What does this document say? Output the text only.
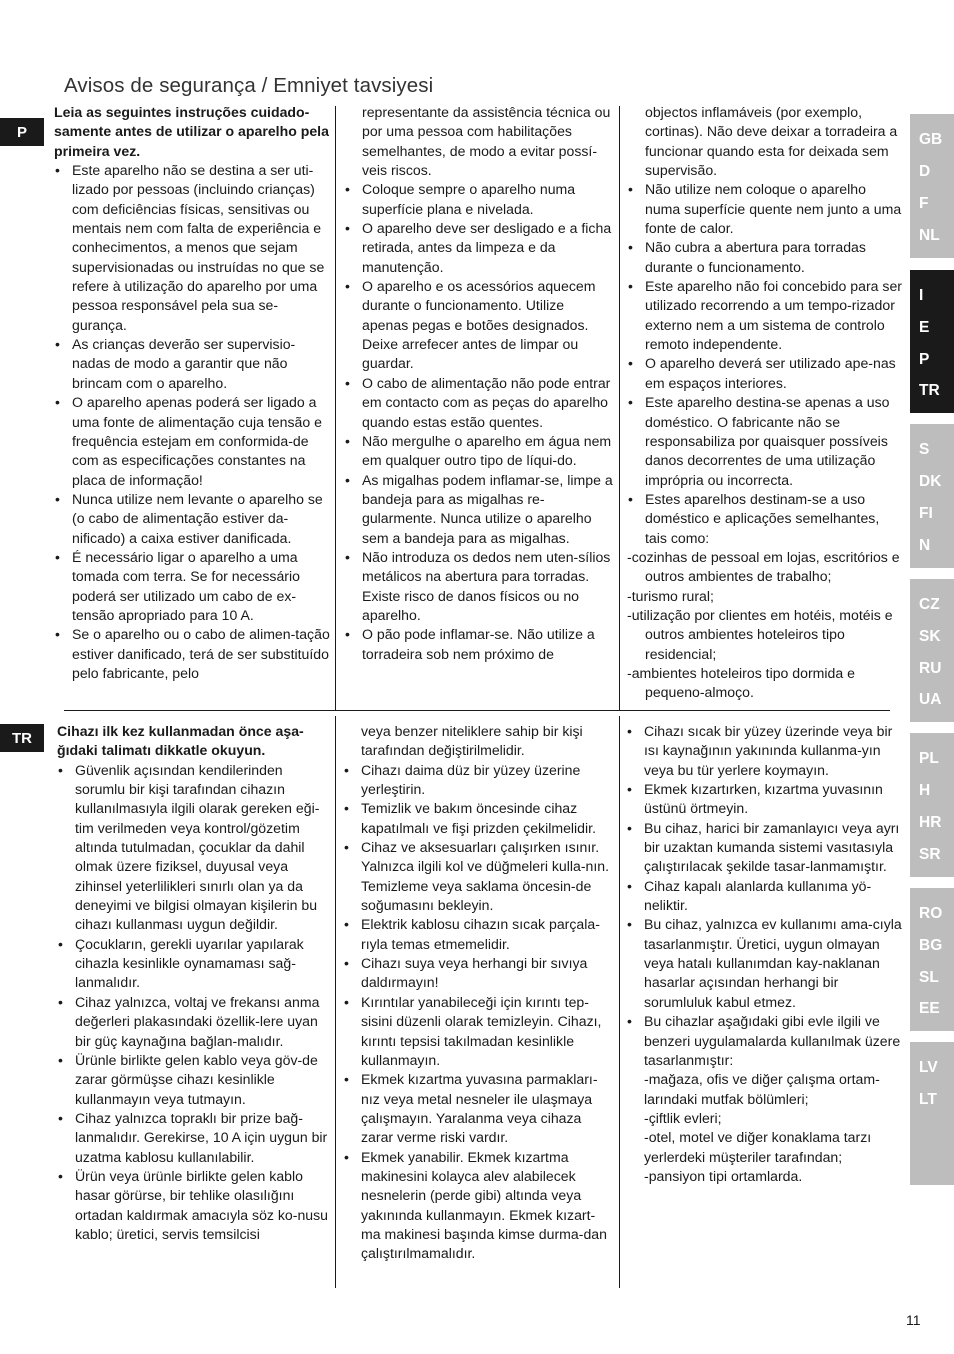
Avisos de segurança / Emniyet tavsiyesi
P
TR

Leia as seguintes instruções cuidado-samente antes de utilizar o aparelho pela primeira vez.

• Este aparelho não se destina a ser uti-lizado por pessoas (incluindo crianças) com deficiências físicas, sensitivas ou mentais nem com falta de experiência e conhecimentos, a menos que sejam supervisionadas ou instruídas no que se refere à utilização do aparelho por uma pessoa responsável pela sua se-gurança.
• As crianças deverão ser supervisio-nadas de modo a garantir que não brincam com o aparelho.
• O aparelho apenas poderá ser ligado a uma fonte de alimentação cuja tensão e frequência estejam em conformida-de com as especificações constantes na placa de informação!
• Nunca utilize nem levante o aparelho se (o cabo de alimentação estiver da-nificado) a caixa estiver danificada.
• É necessário ligar o aparelho a uma tomada com terra. Se for necessário poderá ser utilizado um cabo de ex-tensão apropriado para 10 A.
• Se o aparelho ou o cabo de alimen-tação estiver danificado, terá de ser substituído pelo fabricante, pelo

representante da assistência técnica ou por uma pessoa com habilitações semelhantes, de modo a evitar possí-veis riscos.

• Coloque sempre o aparelho numa superfície plana e nivelada.
• O aparelho deve ser desligado e a ficha retirada, antes da limpeza e da manutenção.
• O aparelho e os acessórios aquecem durante o funcionamento. Utilize apenas pegas e botões designados. Deixe arrefecer antes de limpar ou guardar.
• O cabo de alimentação não pode entrar em contacto com as peças do aparelho quando estas estão quentes.
• Não mergulhe o aparelho em água nem em qualquer outro tipo de líqui-do.
• As migalhas podem inflamar-se, limpe a bandeja para as migalhas re-gularmente. Nunca utilize o aparelho sem a bandeja para as migalhas.
• Não introduza os dedos nem uten-sílios metálicos na abertura para torradas. Existe risco de danos físicos ou no aparelho.
• O pão pode inflamar-se. Não utilize a torradeira sob nem próximo de

objectos inflamáveis (por exemplo, cortinas). Não deve deixar a torradeira a funcionar quando esta for deixada sem supervisão.

• Não utilize nem coloque o aparelho numa superfície quente nem junto a uma fonte de calor.
• Não cubra a abertura para torradas durante o funcionamento.
• Este aparelho não foi concebido para ser utilizado recorrendo a um tempo-rizador externo nem a um sistema de controlo remoto independente.
• O aparelho deverá ser utilizado ape-nas em espaços interiores.
• Este aparelho destina-se apenas a uso doméstico. O fabricante não se responsabiliza por quaisquer possíveis danos decorrentes de uma utilização imprópria ou incorrecta.
• Estes aparelhos destinam-se a uso doméstico e aplicações semelhantes, tais como:

-cozinhas de pessoal em lojas, escritórios e outros ambientes de trabalho;

-turismo rural;

-utilização por clientes em hotéis, motéis e outros ambientes hoteleiros tipo residencial;

-ambientes hoteleiros tipo dormida e pequeno-almoço.

Cihazı ilk kez kullanmadan önce aşa-ğıdaki talimatı dikkatle okuyun.

• Güvenlik açısından kendilerinden sorumlu bir kişi tarafından cihazın kullanılmasıyla ilgili olarak gereken eği-tim verilmeden veya kontrol/gözetim altında tutulmadan, çocuklar da dahil olmak üzere fiziksel, duyusal veya zihinsel yeterlilikleri sınırlı olan ya da deneyimi ve bilgisi olmayan kişilerin bu cihazı kullanması uygun değildir.
• Çocukların, gerekli uyarılar yapılarak cihazla kesinlikle oynamaması sağ-lanmalıdır.
• Cihaz yalnızca, voltaj ve frekansı anma değerleri plakasındaki özellik-lere uyan bir güç kaynağına bağlan-malıdır.
• Ürünle birlikte gelen kablo veya göv-de zarar görmüşse cihazı kesinlikle kullanmayın veya tutmayın.
• Cihaz yalnızca topraklı bir prize bağ-lanmalıdır. Gerekirse, 10 A için uygun bir uzatma kablosu kullanılabilir.
• Ürün veya ürünle birlikte gelen kablo hasar görürse, bir tehlike olasılığını ortadan kaldırmak amacıyla söz ko-nusu kablo; üretici, servis temsilcisi

veya benzer niteliklere sahip bir kişi tarafından değiştirilmelidir.

• Cihazı daima düz bir yüzey üzerine yerleştirin.
• Temizlik ve bakım öncesinde cihaz kapatılmalı ve fişi prizden çekilmelidir.
• Cihaz ve aksesuarları çalışırken ısınır. Yalnızca ilgili kol ve düğmeleri kulla-nın. Temizleme veya saklama öncesin-de soğumasını bekleyin.
• Elektrik kablosu cihazın sıcak parçala-rıyla temas etmemelidir.
• Cihazı suya veya herhangi bir sıvıya daldırmayın!
• Kırıntılar yanabileceği için kırıntı tep-sisini düzenli olarak temizleyin. Cihazı, kırıntı tepsisi takılmadan kesinlikle kullanmayın.
• Ekmek kızartma yuvasına parmakları-nız veya metal nesneler ile ulaşmaya çalışmayın. Yaralanma veya cihaza zarar verme riski vardır.
• Ekmek yanabilir. Ekmek kızartma makinesini kolayca alev alabilecek nesnelerin (perde gibi) altında veya yakınında kullanmayın. Ekmek kızart-ma makinesi başında kimse durma-dan çalıştırılmamalıdır.
• Cihazı sıcak bir yüzey üzerinde veya bir ısı kaynağının yakınında kullanma-yın veya bu tür yerlere koymayın.
• Ekmek kızartırken, kızartma yuvasının üstünü örtmeyin.
• Bu cihaz, harici bir zamanlayıcı veya ayrı bir uzaktan kumanda sistemi vasıtasıyla çalıştırılacak şekilde tasar-lanmamıştır.
• Cihaz kapalı alanlarda kullanıma yö-neliktir.
• Bu cihaz, yalnızca ev kullanımı ama-cıyla tasarlanmıştır. Üretici, uygun olmayan veya hatalı kullanımdan kay-naklanan hasarlar açısından herhangi bir sorumluluk kabul etmez.
• Bu cihazlar aşağıdaki gibi evle ilgili ve benzeri uygulamalarda kullanılmak üzere tasarlanmıştır:

-mağaza, ofis ve diğer çalışma ortam-larındaki mutfak bölümleri;

-çiftlik evleri;

-otel, motel ve diğer konaklama tarzı yerlerdeki müşteriler tarafından;

-pansiyon tipi ortamlarda.

GB
D
F
NL
I
E
P
TR
S
DK
FI
N
CZ
SK
RU
UA
PL
H
HR
SR
RO
BG
SL
EE
LV
LT
11
